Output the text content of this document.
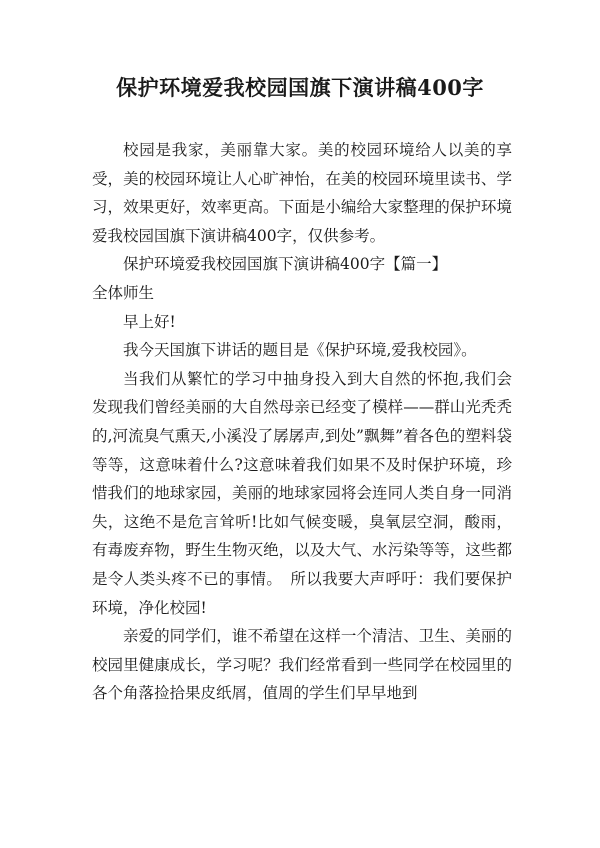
保护环境爱我校园国旗下演讲稿400字

校园是我家，美丽靠大家。美的校园环境给人以美的享受，美的校园环境让人心旷神怡，在美的校园环境里读书、学习，效果更好，效率更高。下面是小编给大家整理的保护环境爱我校园国旗下演讲稿400字，仅供参考。

保护环境爱我校园国旗下演讲稿400字【篇一】

全体师生

早上好!

我今天国旗下讲话的题目是《保护环境,爱我校园》。

当我们从繁忙的学习中抽身投入到大自然的怀抱,我们会发现我们曾经美丽的大自然母亲已经变了模样——群山光秃秃的,河流臭气熏天,小溪没了孱孱声,到处”飘舞”着各色的塑料袋等等，这意味着什么?这意味着我们如果不及时保护环境，珍惜我们的地球家园，美丽的地球家园将会连同人类自身一同消失，这绝不是危言耸听!比如气候变暖，臭氧层空洞，酸雨，有毒废弃物，野生生物灭绝，以及大气、水污染等等，这些都是令人类头疼不已的事情。　所以我要大声呼吁：我们要保护环境，净化校园!

亲爱的同学们，谁不希望在这样一个清洁、卫生、美丽的校园里健康成长，学习呢？我们经常看到一些同学在校园里的各个角落捡拾果皮纸屑，值周的学生们早早地到
